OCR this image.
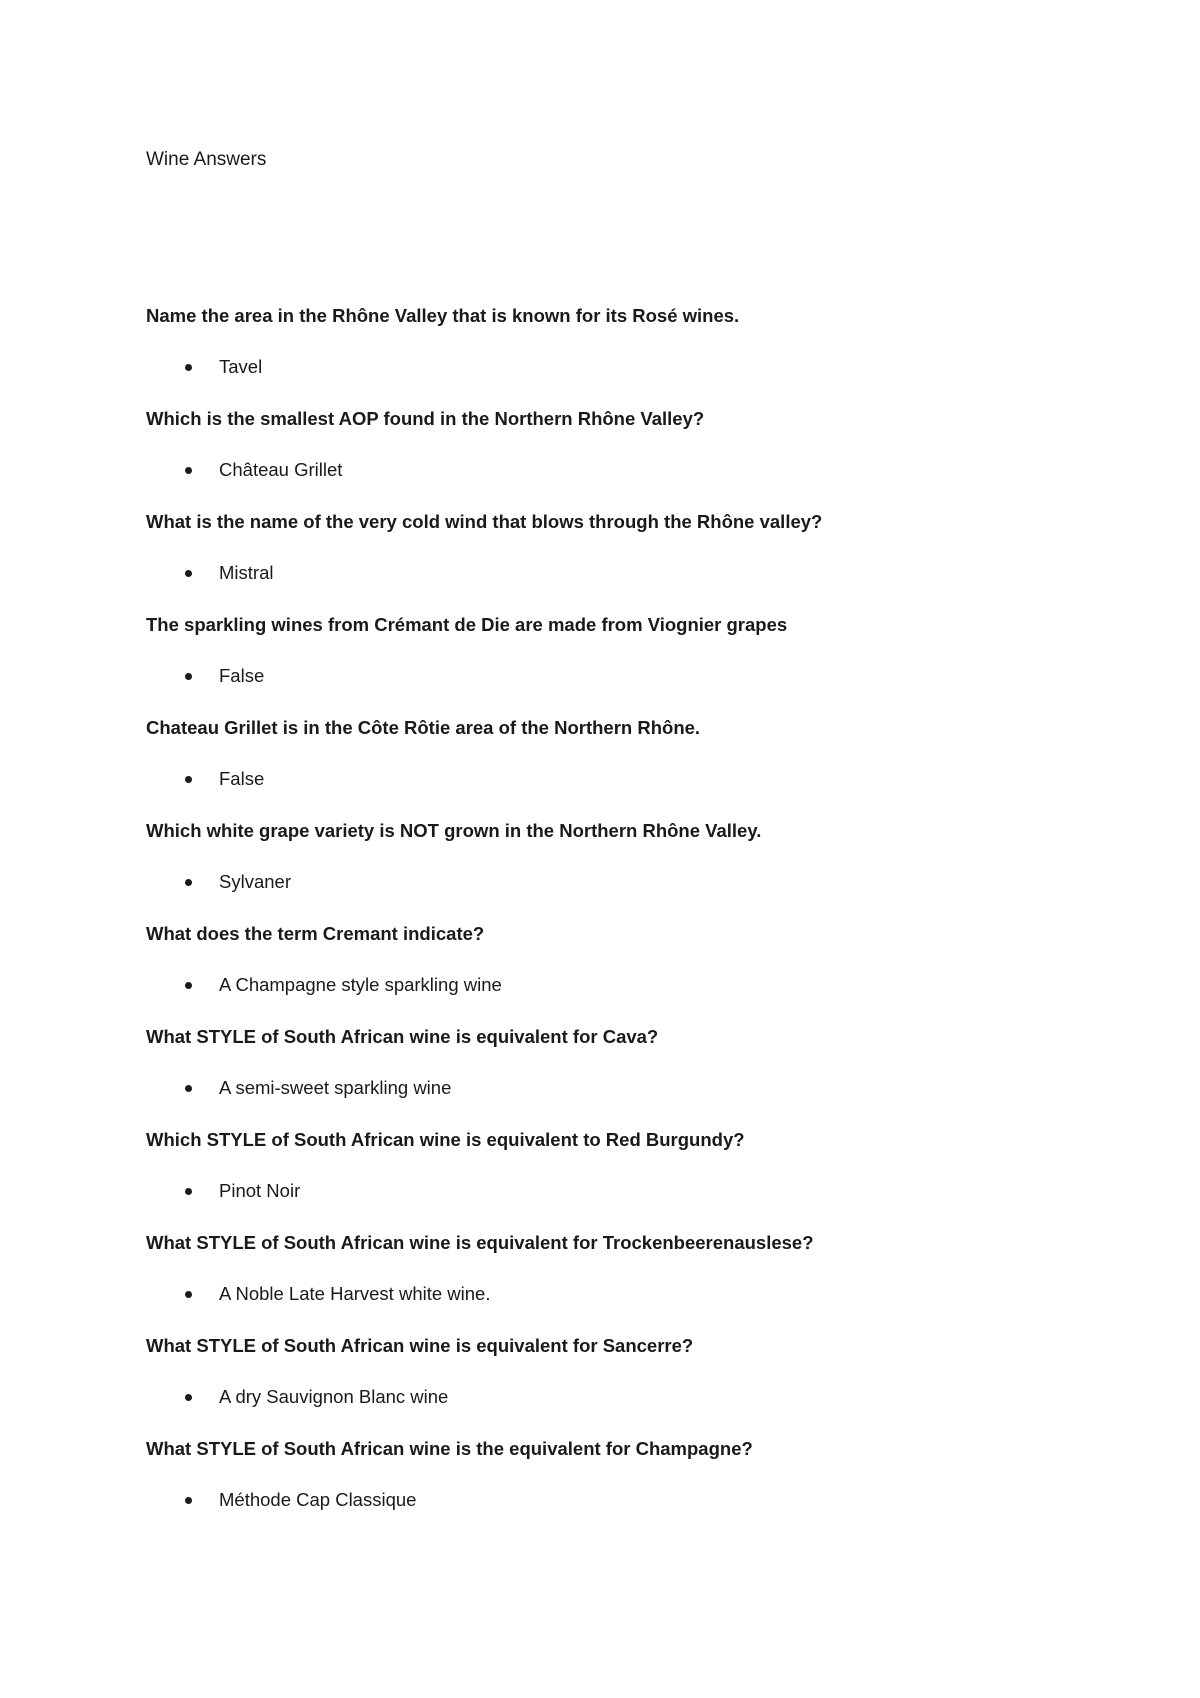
Wine Answers

Name the area in the Rhône Valley that is known for its Rosé wines.

Tavel

Which is the smallest AOP found in the Northern Rhône Valley?

Château Grillet

What is the name of the very cold wind that blows through the Rhône valley?

Mistral

The sparkling wines from Crémant de Die are made from Viognier grapes

False

Chateau Grillet is in the Côte Rôtie area of the Northern Rhône.

False

Which white grape variety is NOT grown in the Northern Rhône Valley.

Sylvaner

What does the term Cremant indicate?

A Champagne style sparkling wine

What STYLE of South African wine is equivalent for Cava?

A semi-sweet sparkling wine

Which STYLE of South African wine is equivalent to Red Burgundy?

Pinot Noir

What STYLE of South African wine is equivalent for Trockenbeerenauslese?

A Noble Late Harvest white wine.

What STYLE of South African wine is equivalent for Sancerre?

A dry Sauvignon Blanc wine

What STYLE of South African wine is the equivalent for Champagne?

Méthode Cap Classique
